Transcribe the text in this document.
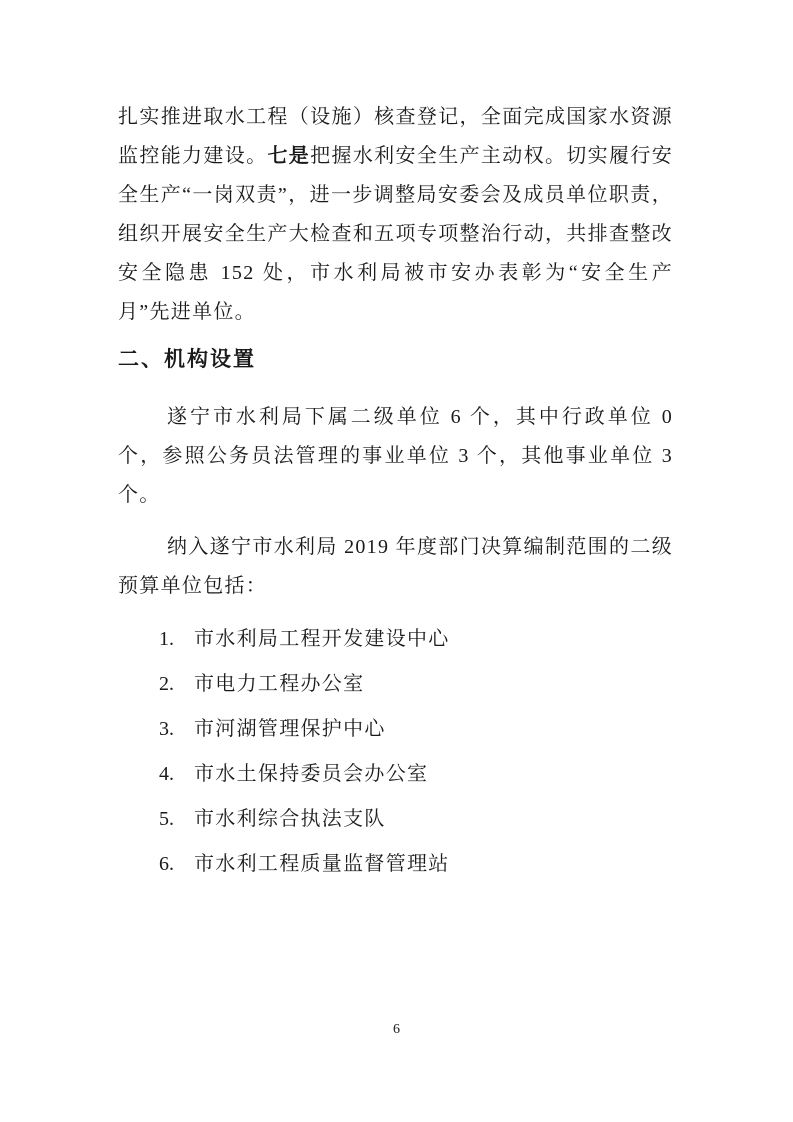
扎实推进取水工程（设施）核查登记，全面完成国家水资源监控能力建设。七是把握水利安全生产主动权。切实履行安全生产“一岗双责”，进一步调整局安委会及成员单位职责，组织开展安全生产大检查和五项专项整治行动，共排查整改安全隐患 152 处，市水利局被市安办表彰为“安全生产月”先进单位。

二、机构设置

遂宁市水利局下属二级单位 6 个，其中行政单位 0 个，参照公务员法管理的事业单位 3 个，其他事业单位 3 个。

纳入遂宁市水利局 2019 年度部门决算编制范围的二级预算单位包括：

1. 市水利局工程开发建设中心
2. 市电力工程办公室
3. 市河湖管理保护中心
4. 市水土保持委员会办公室
5. 市水利综合执法支队
6. 市水利工程质量监督管理站
6
